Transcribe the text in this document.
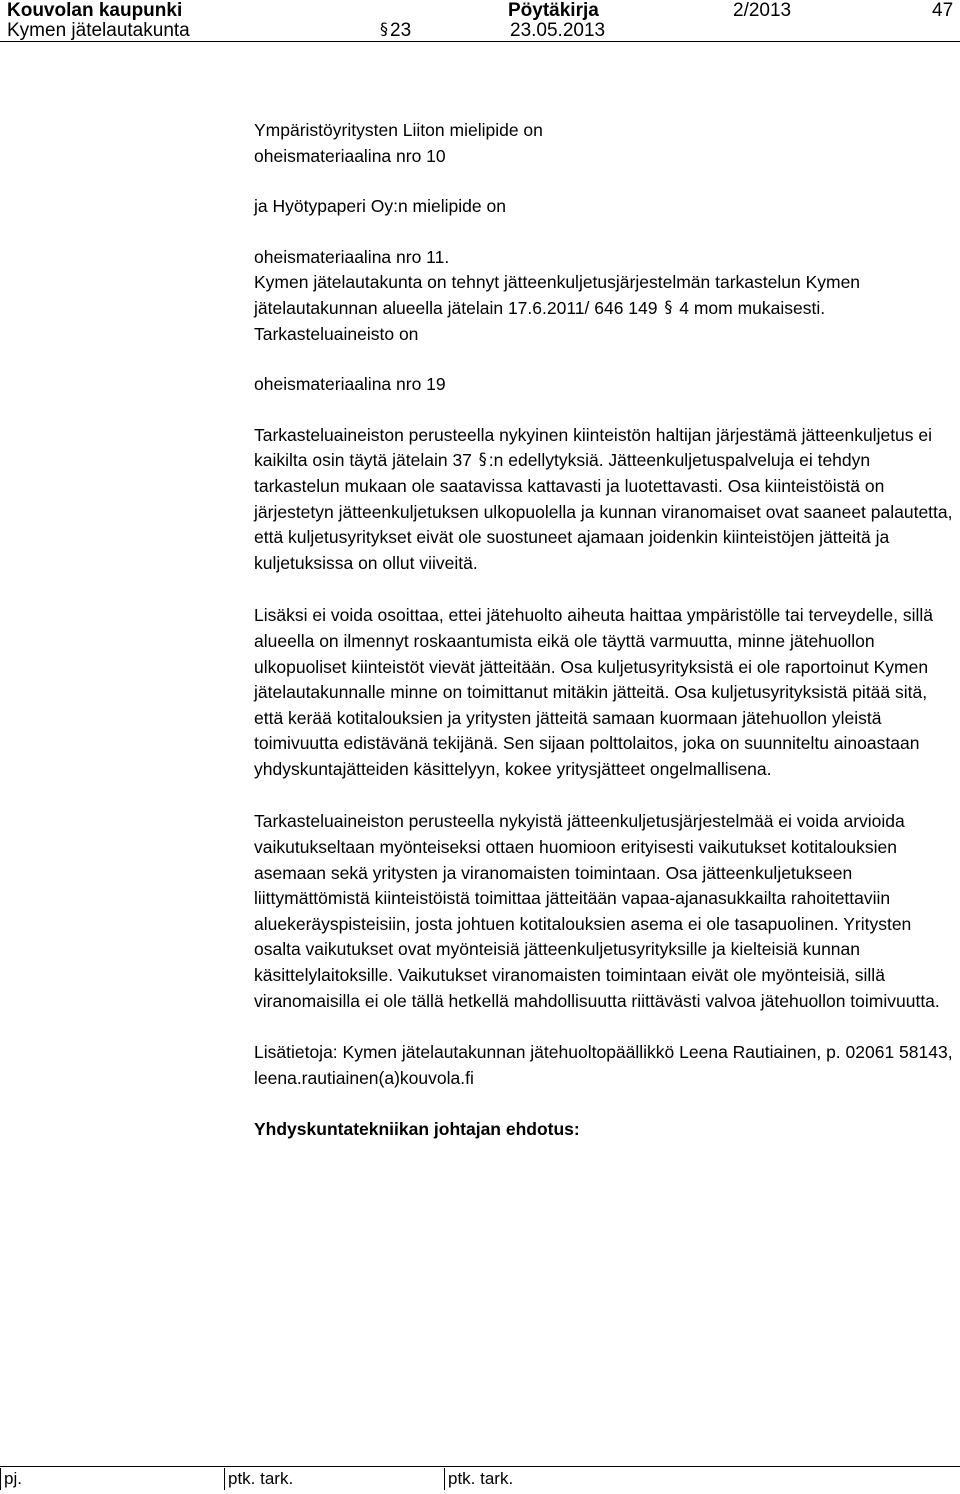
Kouvolan kaupunki	Pöytäkirja	2/2013	47
Kymen jätelautakunta	§ 23	23.05.2013

Ympäristöyritysten Liiton mielipide on
oheismateriaalina nro 10

ja Hyötypaperi Oy:n mielipide on

oheismateriaalina nro 11.

Kymen jätelautakunta on tehnyt jätteenkuljetusjärjestelmän tarkastelun Kymen jätelautakunnan alueella jätelain 17.6.2011/ 646 149 § 4 mom mukaisesti. Tarkasteluaineisto on

oheismateriaalina nro 19

Tarkasteluaineiston perusteella nykyinen kiinteistön haltijan järjestämä jätteenkuljetus ei kaikilta osin täytä jätelain 37 § :n edellytyksiä. Jätteenkuljetuspalveluja ei tehdyn tarkastelun mukaan ole saatavissa kattavasti ja luotettavasti. Osa kiinteistöistä on järjestetyn jätteenkuljetuksen ulkopuolella ja kunnan viranomaiset ovat saaneet palautetta, että kuljetusyritykset eivät ole suostuneet ajamaan joidenkin kiinteistöjen jätteitä ja kuljetuksissa on ollut viiveitä.

Lisäksi ei voida osoittaa, ettei jätehuolto aiheuta haittaa ympäristölle tai terveydelle, sillä alueella on ilmennyt roskaantumista eikä ole täyttä varmuutta, minne jätehuollon ulkopuoliset kiinteistöt vievät jätteitään. Osa kuljetusyrityksistä ei ole raportoinut Kymen jätelautakunnalle minne on toimittanut mitäkin jätteitä. Osa kuljetusyrityksistä pitää sitä, että kerää kotitalouksien ja yritysten jätteitä samaan kuormaan jätehuollon yleistä toimivuutta edistävänä tekijänä. Sen sijaan polttolaitos, joka on suunniteltu ainoastaan yhdyskuntajätteiden käsittelyyn, kokee yritysjätteet ongelmallisena.

Tarkasteluaineiston perusteella nykyistä jätteenkuljetusjärjestelmää ei voida arvioida vaikutukseltaan myönteiseksi ottaen huomioon erityisesti vaikutukset kotitalouksien asemaan sekä yritysten ja viranomaisten toimintaan. Osa jätteenkuljetukseen liittymättömistä kiinteistöistä toimittaa jätteitään vapaa-ajanasukkailta rahoitettaviin aluekeräyspisteisiin, josta johtuen kotitalouksien asema ei ole tasapuolinen. Yritysten osalta vaikutukset ovat myönteisiä jätteenkuljetusyrityksille ja kielteisiä kunnan käsittelylaitoksille. Vaikutukset viranomaisten toimintaan eivät ole myönteisiä, sillä viranomaisilla ei ole tällä hetkellä mahdollisuutta riittävästi valvoa jätehuollon toimivuutta.

Lisätietoja: Kymen jätelautakunnan jätehuoltopäällikkö Leena Rautiainen, p. 02061 58143, leena.rautiainen(a)kouvola.fi

Yhdyskuntatekniikan johtajan ehdotus:

pj.	ptk. tark.	ptk. tark.
